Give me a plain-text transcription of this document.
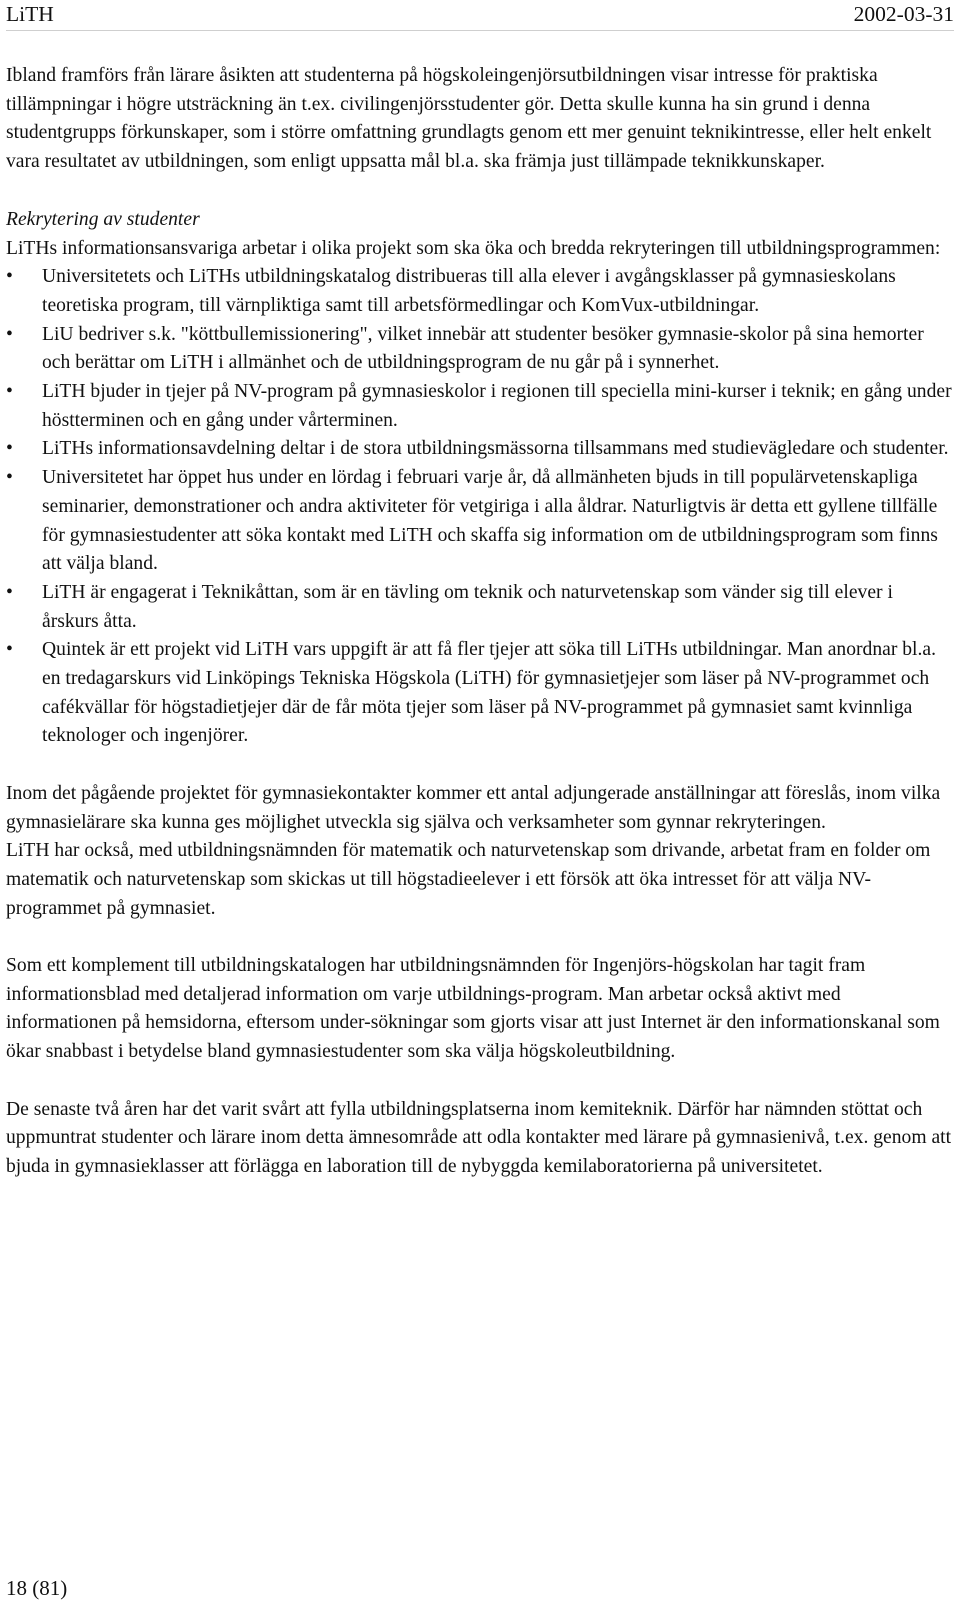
LiTH	2002-03-31

Ibland framförs från lärare åsikten att studenterna på högskoleingenjörsutbildningen visar intresse för praktiska tillämpningar i högre utsträckning än t.ex. civilingenjörsstudenter gör. Detta skulle kunna ha sin grund i denna studentgrupps förkunskaper, som i större omfattning grundlagts genom ett mer genuint teknikintresse, eller helt enkelt vara resultatet av utbildningen, som enligt uppsatta mål bl.a. ska främja just tillämpade teknikkunskaper.

Rekrytering av studenter

LiTHs informationsansvariga arbetar i olika projekt som ska öka och bredda rekryteringen till utbildningsprogrammen:

•	Universitetets och LiTHs utbildningskatalog distribueras till alla elever i avgångsklasser på gymnasieskolans teoretiska program, till värnpliktiga samt till arbetsförmedlingar och KomVux-utbildningar.
•	LiU bedriver s.k. "köttbullemissionering", vilket innebär att studenter besöker gymnasie-skolor på sina hemorter och berättar om LiTH i allmänhet och de utbildningsprogram de nu går på i synnerhet.
•	LiTH bjuder in tjejer på NV-program på gymnasieskolor i regionen till speciella mini-kurser i teknik; en gång under höstterminen och en gång under vårterminen.
•	LiTHs informationsavdelning deltar i de stora utbildningsmässorna tillsammans med studievägledare och studenter.
•	Universitetet har öppet hus under en lördag i februari varje år, då allmänheten bjuds in till populärvetenskapliga seminarier, demonstrationer och andra aktiviteter för vetgiriga i alla åldrar. Naturligtvis är detta ett gyllene tillfälle för gymnasiestudenter att söka kontakt med LiTH och skaffa sig information om de utbildningsprogram som finns att välja bland.
•	LiTH är engagerat i Teknikåttan, som är en tävling om teknik och naturvetenskap som vänder sig till elever i årskurs åtta.
•	Quintek är ett projekt vid LiTH vars uppgift är att få fler tjejer att söka till LiTHs utbildningar. Man anordnar bl.a. en tredagarskurs vid Linköpings Tekniska Högskola (LiTH) för gymnasietjejer som läser på NV-programmet och cafékvällar för högstadietjejer där de får möta tjejer som läser på NV-programmet på gymnasiet samt kvinnliga teknologer och ingenjörer.

Inom det pågående projektet för gymnasiekontakter kommer ett antal adjungerade anställningar att föreslås, inom vilka gymnasielärare ska kunna ges möjlighet utveckla sig själva och verksamheter som gynnar rekryteringen.

LiTH har också, med utbildningsnämnden för matematik och naturvetenskap som drivande, arbetat fram en folder om matematik och naturvetenskap som skickas ut till högstadieelever i ett försök att öka intresset för att välja NV-programmet på gymnasiet.

Som ett komplement till utbildningskatalogen har utbildningsnämnden för Ingenjörs-högskolan har tagit fram informationsblad med detaljerad information om varje utbildnings-program. Man arbetar också aktivt med informationen på hemsidorna, eftersom under-sökningar som gjorts visar att just Internet är den informationskanal som ökar snabbast i betydelse bland gymnasiestudenter som ska välja högskoleutbildning.

De senaste två åren har det varit svårt att fylla utbildningsplatserna inom kemiteknik. Därför har nämnden stöttat och uppmuntrat studenter och lärare inom detta ämnesområde att odla kontakter med lärare på gymnasienivå, t.ex. genom att bjuda in gymnasieklasser att förlägga en laboration till de nybyggda kemilaboratorierna på universitetet.

18 (81)
